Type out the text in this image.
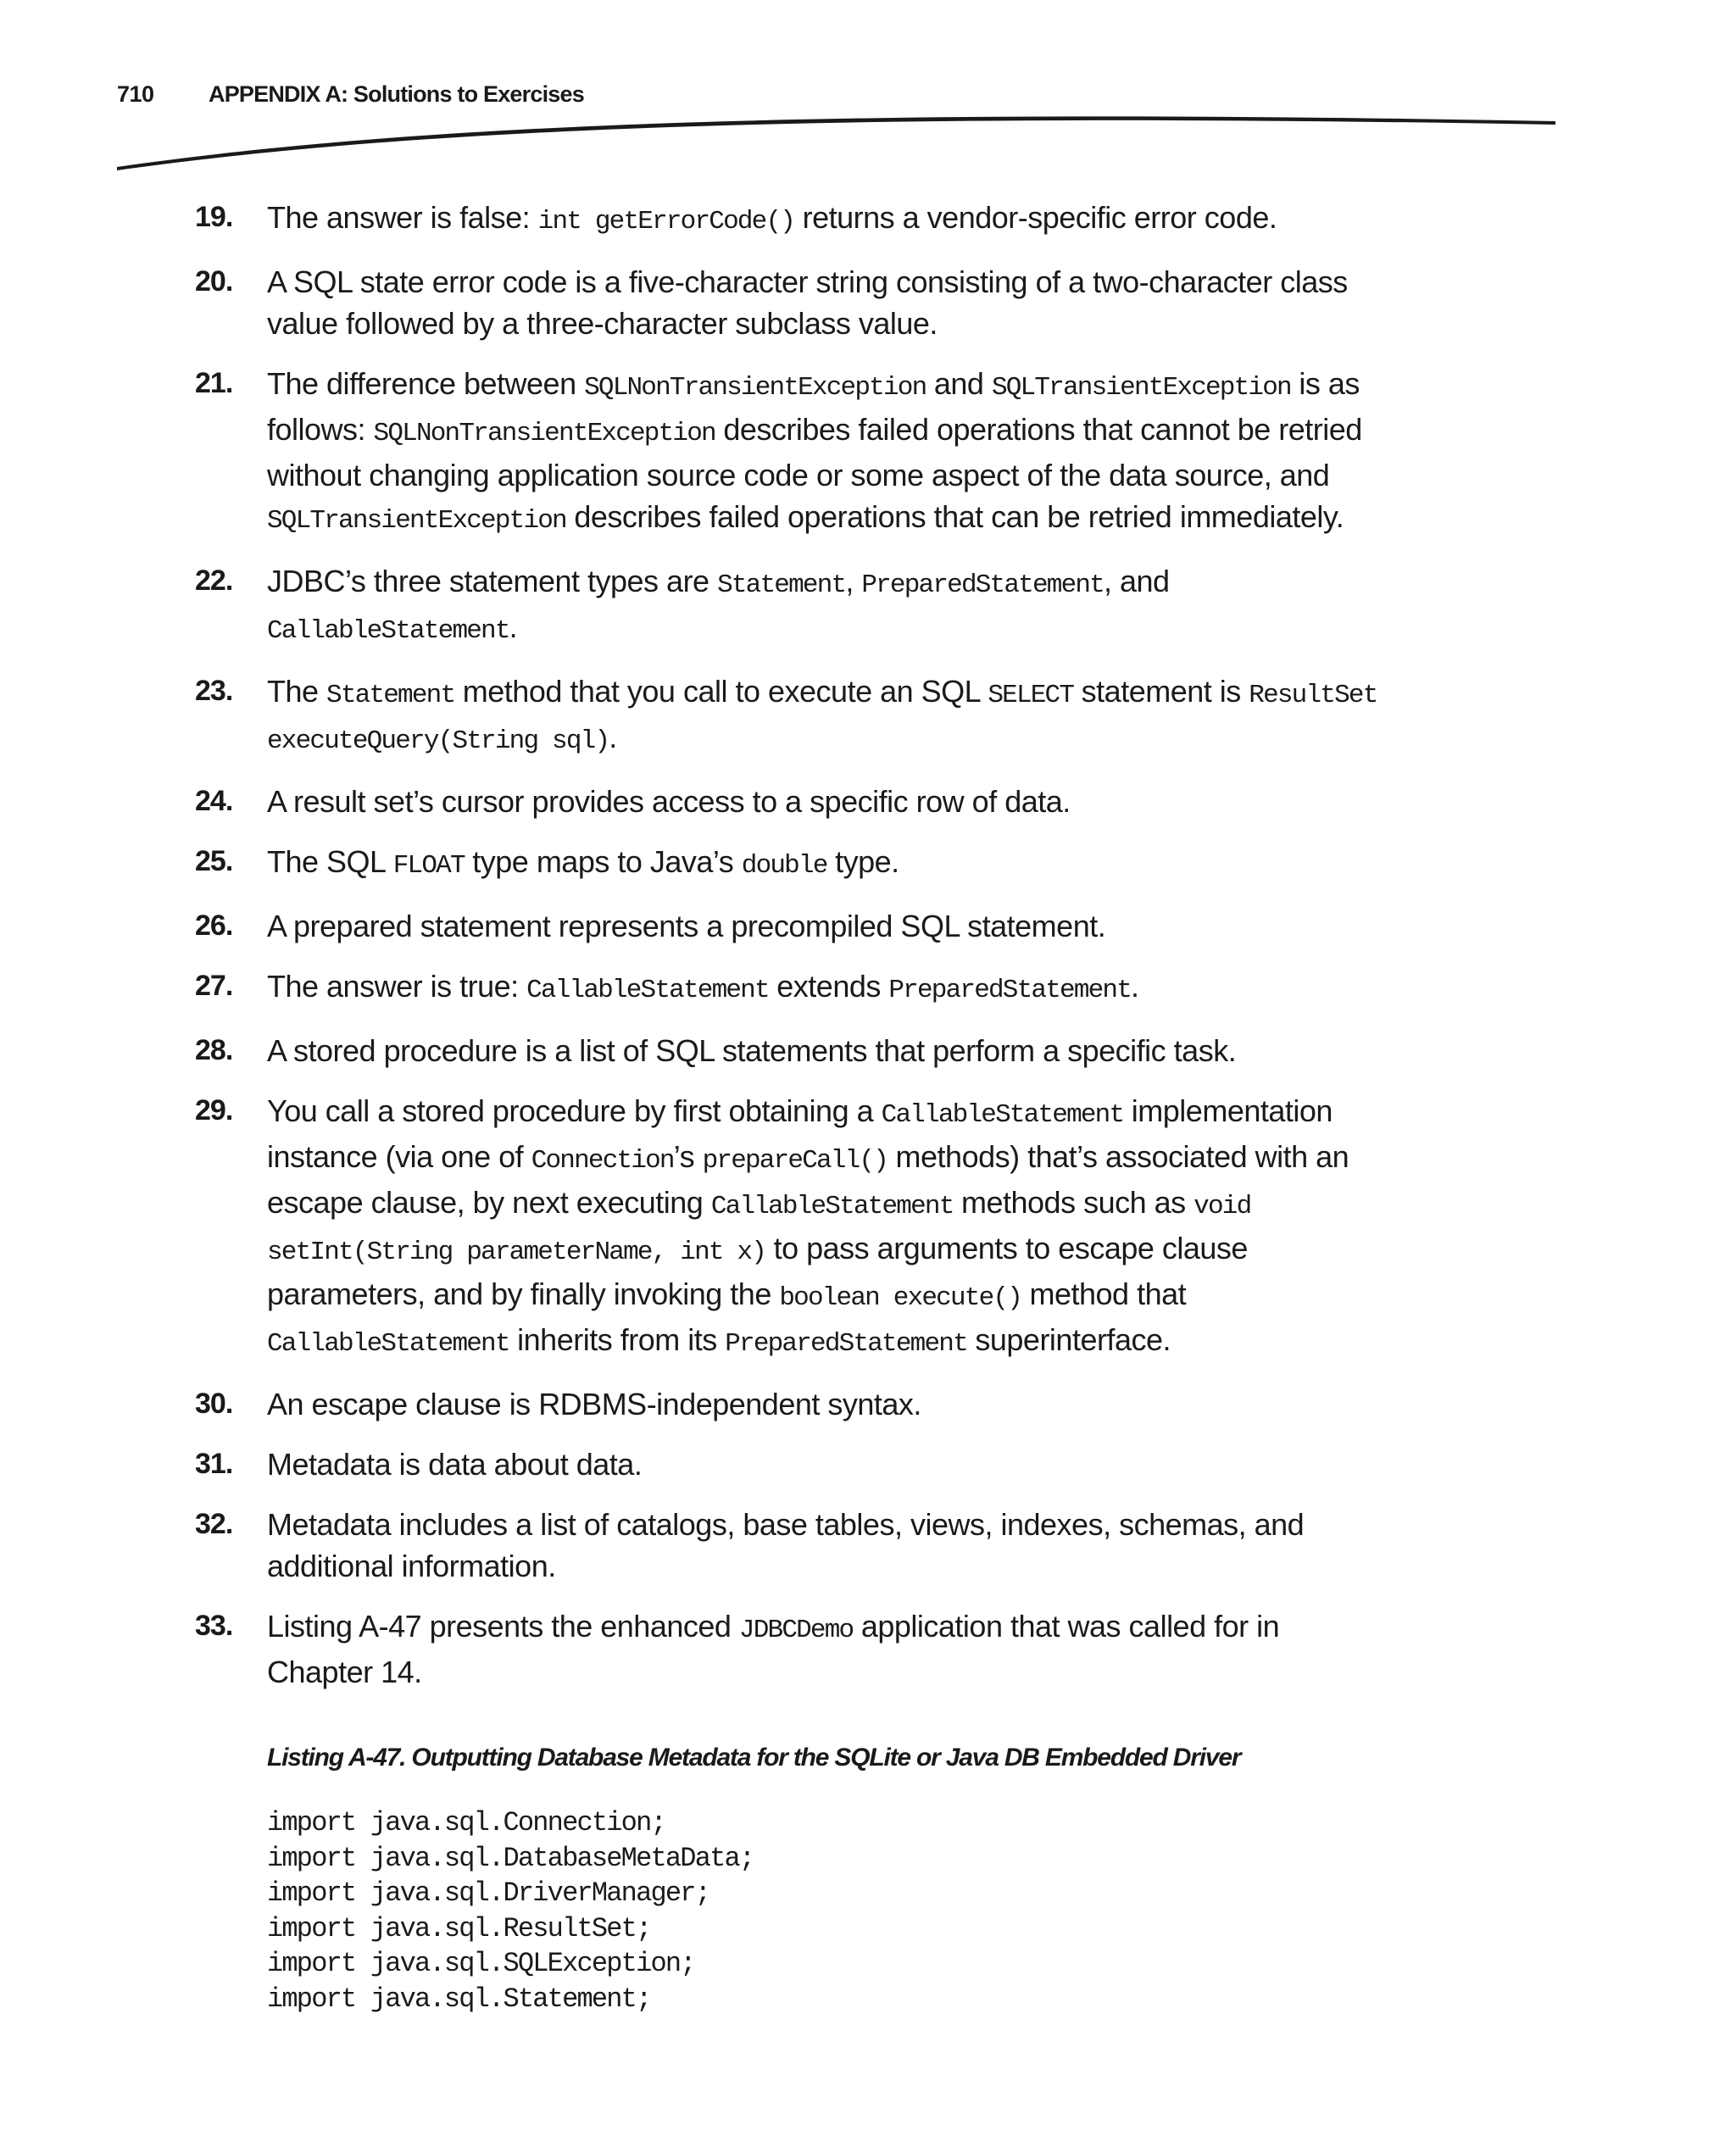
710 APPENDIX A: Solutions to Exercises
19. The answer is false: int getErrorCode() returns a vendor-specific error code.
20. A SQL state error code is a five-character string consisting of a two-character class value followed by a three-character subclass value.
21. The difference between SQLNonTransientException and SQLTransientException is as follows: SQLNonTransientException describes failed operations that cannot be retried without changing application source code or some aspect of the data source, and SQLTransientException describes failed operations that can be retried immediately.
22. JDBC’s three statement types are Statement, PreparedStatement, and CallableStatement.
23. The Statement method that you call to execute an SQL SELECT statement is ResultSet executeQuery(String sql).
24. A result set’s cursor provides access to a specific row of data.
25. The SQL FLOAT type maps to Java’s double type.
26. A prepared statement represents a precompiled SQL statement.
27. The answer is true: CallableStatement extends PreparedStatement.
28. A stored procedure is a list of SQL statements that perform a specific task.
29. You call a stored procedure by first obtaining a CallableStatement implementation instance (via one of Connection’s prepareCall() methods) that’s associated with an escape clause, by next executing CallableStatement methods such as void setInt(String parameterName, int x) to pass arguments to escape clause parameters, and by finally invoking the boolean execute() method that CallableStatement inherits from its PreparedStatement superinterface.
30. An escape clause is RDBMS-independent syntax.
31. Metadata is data about data.
32. Metadata includes a list of catalogs, base tables, views, indexes, schemas, and additional information.
33. Listing A-47 presents the enhanced JDBCDemo application that was called for in Chapter 14.
Listing A-47. Outputting Database Metadata for the SQLite or Java DB Embedded Driver
import java.sql.Connection;
import java.sql.DatabaseMetaData;
import java.sql.DriverManager;
import java.sql.ResultSet;
import java.sql.SQLException;
import java.sql.Statement;
